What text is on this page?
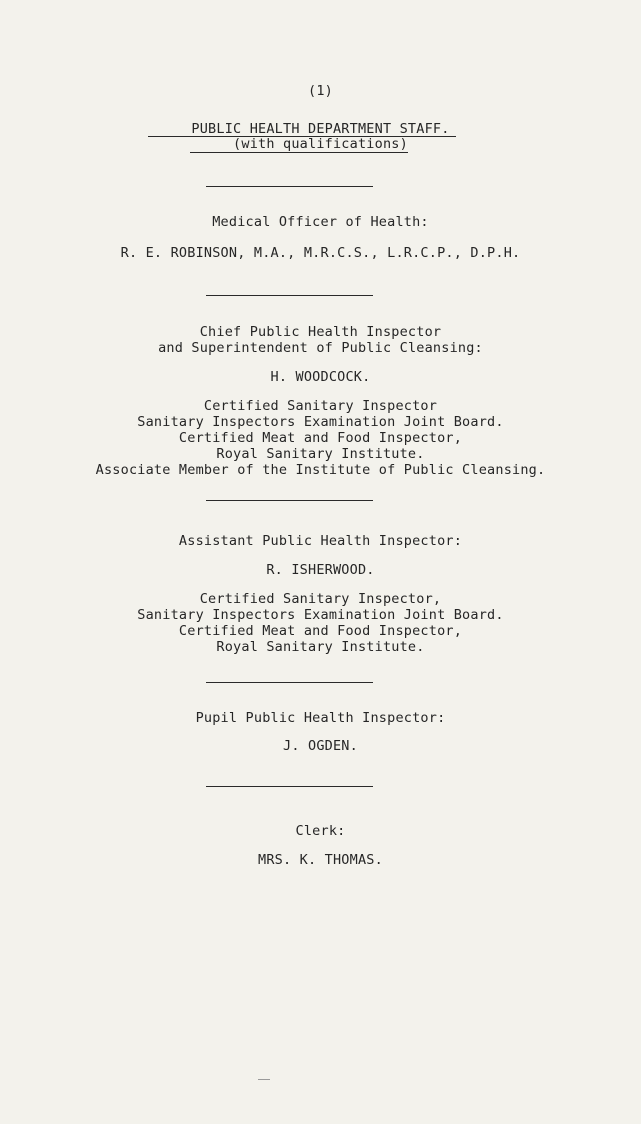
(1)
PUBLIC HEALTH DEPARTMENT STAFF.
(with qualifications)
Medical Officer of Health:
R. E. ROBINSON, M.A., M.R.C.S., L.R.C.P., D.P.H.
Chief Public Health Inspector
and Superintendent of Public Cleansing:
H. WOODCOCK.
Certified Sanitary Inspector
Sanitary Inspectors Examination Joint Board.
Certified Meat and Food Inspector,
Royal Sanitary Institute.
Associate Member of the Institute of Public Cleansing.
Assistant Public Health Inspector:
R. ISHERWOOD.
Certified Sanitary Inspector,
Sanitary Inspectors Examination Joint Board.
Certified Meat and Food Inspector,
Royal Sanitary Institute.
Pupil Public Health Inspector:
J. OGDEN.
Clerk:
MRS. K. THOMAS.
